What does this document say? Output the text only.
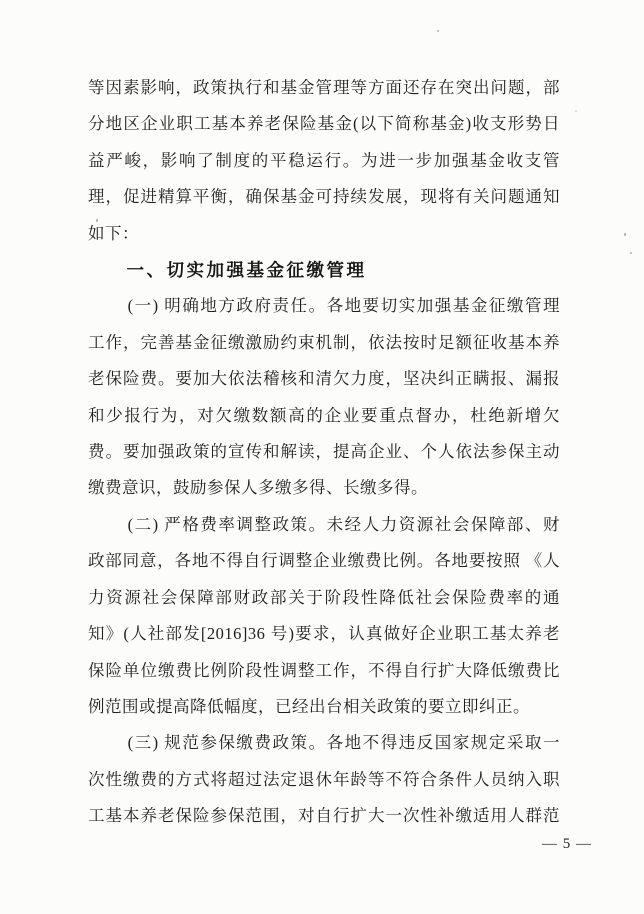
等因素影响，政策执行和基金管理等方面还存在突出问题，部
分地区企业职工基本养老保险基金(以下简称基金)收支形势日
益严峻，影响了制度的平稳运行。为进一步加强基金收支管
理，促进精算平衡，确保基金可持续发展，现将有关问题通知
如下：
一、切实加强基金征缴管理
(一) 明确地方政府责任。各地要切实加强基金征缴管理
工作，完善基金征缴激励约束机制，依法按时足额征收基本养
老保险费。要加大依法稽核和清欠力度，坚决纠正瞒报、漏报
和少报行为，对欠缴数额高的企业要重点督办，杜绝新增欠
费。要加强政策的宣传和解读，提高企业、个人依法参保主动
缴费意识，鼓励参保人多缴多得、长缴多得。
(二) 严格费率调整政策。未经人力资源社会保障部、财
政部同意，各地不得自行调整企业缴费比例。各地要按照 《人
力资源社会保障部财政部关于阶段性降低社会保险费率的通
知》(人社部发[2016]36 号)要求，认真做好企业职工基太养老
保险单位缴费比例阶段性调整工作，不得自行扩大降低缴费比
例范围或提高降低幅度，已经出台相关政策的要立即纠正。
(三) 规范参保缴费政策。各地不得违反国家规定采取一
次性缴费的方式将超过法定退休年龄等不符合条件人员纳入职
工基本养老保险参保范围，对自行扩大一次性补缴适用人群范
— 5 —
